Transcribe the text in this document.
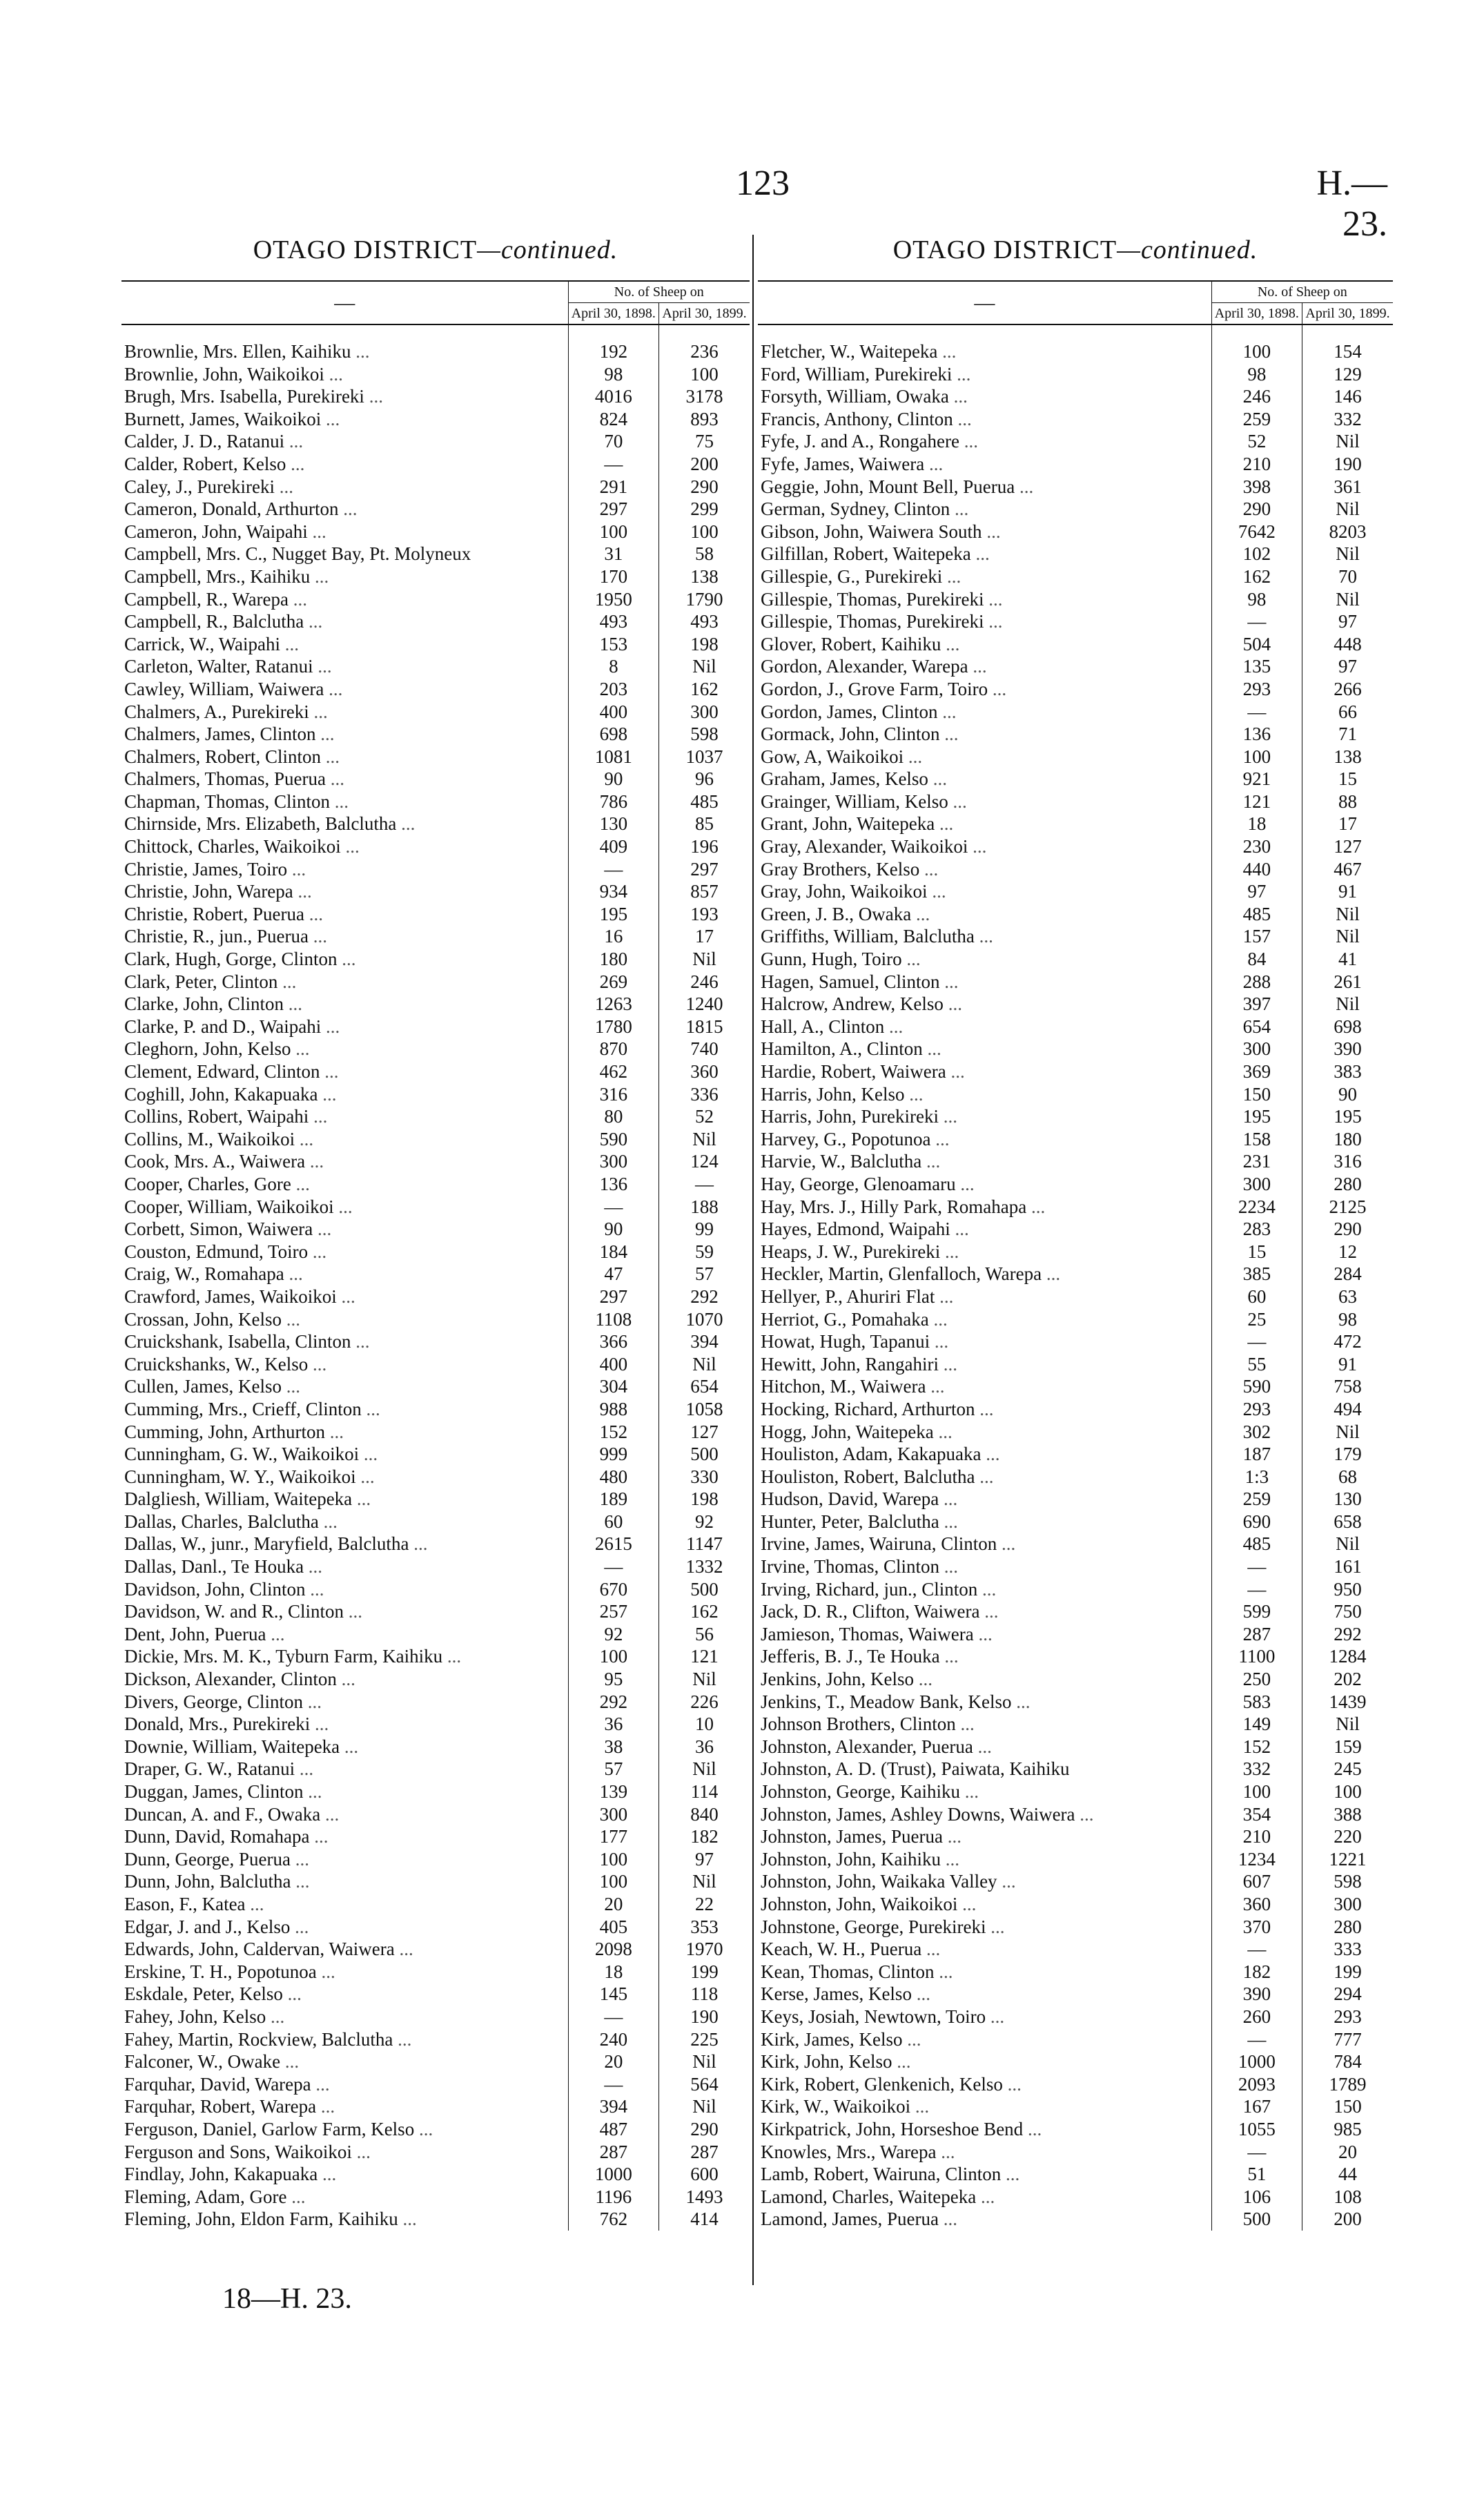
123	H.—23.
OTAGO DISTRICT—continued.
—	No. of Sheep on	
	April 30, 1898.	April 30, 1899.
Brownlie, Mrs. Ellen, Kaihiku ...	192	236
Brownlie, John, Waikoikoi ...	98	100
Brugh, Mrs. Isabella, Purekireki ...	4016	3178
Burnett, James, Waikoikoi ...	824	893
Calder, J. D., Ratanui ...	70	75
Calder, Robert, Kelso ...	—	200
Caley, J., Purekireki ...	291	290
Cameron, Donald, Arthurton ...	297	299
Cameron, John, Waipahi ...	100	100
Campbell, Mrs. C., Nugget Bay, Pt. Molyneux	31	58
Campbell, Mrs., Kaihiku ...	170	138
Campbell, R., Warepa ...	1950	1790
Campbell, R., Balclutha ...	493	493
Carrick, W., Waipahi ...	153	198
Carleton, Walter, Ratanui ...	8	Nil
Cawley, William, Waiwera ...	203	162
Chalmers, A., Purekireki ...	400	300
Chalmers, James, Clinton ...	698	598
Chalmers, Robert, Clinton ...	1081	1037
Chalmers, Thomas, Puerua ...	90	96
Chapman, Thomas, Clinton ...	786	485
Chirnside, Mrs. Elizabeth, Balclutha ...	130	85
Chittock, Charles, Waikoikoi ...	409	196
Christie, James, Toiro ...	—	297
Christie, John, Warepa ...	934	857
Christie, Robert, Puerua ...	195	193
Christie, R., jun., Puerua ...	16	17
Clark, Hugh, Gorge, Clinton ...	180	Nil
Clark, Peter, Clinton ...	269	246
Clarke, John, Clinton ...	1263	1240
Clarke, P. and D., Waipahi ...	1780	1815
Cleghorn, John, Kelso ...	870	740
Clement, Edward, Clinton ...	462	360
Coghill, John, Kakapuaka ...	316	336
Collins, Robert, Waipahi ...	80	52
Collins, M., Waikoikoi ...	590	Nil
Cook, Mrs. A., Waiwera ...	300	124
Cooper, Charles, Gore ...	136	—
Cooper, William, Waikoikoi ...	—	188
Corbett, Simon, Waiwera ...	90	99
Couston, Edmund, Toiro ...	184	59
Craig, W., Romahapa ...	47	57
Crawford, James, Waikoikoi ...	297	292
Crossan, John, Kelso ...	1108	1070
Cruickshank, Isabella, Clinton ...	366	394
Cruickshanks, W., Kelso ...	400	Nil
Cullen, James, Kelso ...	304	654
Cumming, Mrs., Crieff, Clinton ...	988	1058
Cumming, John, Arthurton ...	152	127
Cunningham, G. W., Waikoikoi ...	999	500
Cunningham, W. Y., Waikoikoi ...	480	330
Dalgliesh, William, Waitepeka ...	189	198
Dallas, Charles, Balclutha ...	60	92
Dallas, W., junr., Maryfield, Balclutha ...	2615	1147
Dallas, Danl., Te Houka ...	—	1332
Davidson, John, Clinton ...	670	500
Davidson, W. and R., Clinton ...	257	162
Dent, John, Puerua ...	92	56
Dickie, Mrs. M. K., Tyburn Farm, Kaihiku ...	100	121
Dickson, Alexander, Clinton ...	95	Nil
Divers, George, Clinton ...	292	226
Donald, Mrs., Purekireki ...	36	10
Downie, William, Waitepeka ...	38	36
Draper, G. W., Ratanui ...	57	Nil
Duggan, James, Clinton ...	139	114
Duncan, A. and F., Owaka ...	300	840
Dunn, David, Romahapa ...	177	182
Dunn, George, Puerua ...	100	97
Dunn, John, Balclutha ...	100	Nil
Eason, F., Katea ...	20	22
Edgar, J. and J., Kelso ...	405	353
Edwards, John, Caldervan, Waiwera ...	2098	1970
Erskine, T. H., Popotunoa ...	18	199
Eskdale, Peter, Kelso ...	145	118
Fahey, John, Kelso ...	—	190
Fahey, Martin, Rockview, Balclutha ...	240	225
Falconer, W., Owake ...	20	Nil
Farquhar, David, Warepa ...	—	564
Farquhar, Robert, Warepa ...	394	Nil
Ferguson, Daniel, Garlow Farm, Kelso ...	487	290
Ferguson and Sons, Waikoikoi ...	287	287
Findlay, John, Kakapuaka ...	1000	600
Fleming, Adam, Gore ...	1196	1493
Fleming, John, Eldon Farm, Kaihiku ...	762	414
OTAGO DISTRICT—continued.
—	No. of Sheep on	
	April 30, 1898.	April 30, 1899.
Fletcher, W., Waitepeka ...	100	154
Ford, William, Purekireki ...	98	129
Forsyth, William, Owaka ...	246	146
Francis, Anthony, Clinton ...	259	332
Fyfe, J. and A., Rongahere ...	52	Nil
Fyfe, James, Waiwera ...	210	190
Geggie, John, Mount Bell, Puerua ...	398	361
German, Sydney, Clinton ...	290	Nil
Gibson, John, Waiwera South ...	7642	8203
Gilfillan, Robert, Waitepeka ...	102	Nil
Gillespie, G., Purekireki ...	162	70
Gillespie, Thomas, Purekireki ...	98	Nil
Gillespie, Thomas, Purekireki ...	—	97
Glover, Robert, Kaihiku ...	504	448
Gordon, Alexander, Warepa ...	135	97
Gordon, J., Grove Farm, Toiro ...	293	266
Gordon, James, Clinton ...	—	66
Gormack, John, Clinton ...	136	71
Gow, A, Waikoikoi ...	100	138
Graham, James, Kelso ...	921	15
Grainger, William, Kelso ...	121	88
Grant, John, Waitepeka ...	18	17
Gray, Alexander, Waikoikoi ...	230	127
Gray Brothers, Kelso ...	440	467
Gray, John, Waikoikoi ...	97	91
Green, J. B., Owaka ...	485	Nil
Griffiths, William, Balclutha ...	157	Nil
Gunn, Hugh, Toiro ...	84	41
Hagen, Samuel, Clinton ...	288	261
Halcrow, Andrew, Kelso ...	397	Nil
Hall, A., Clinton ...	654	698
Hamilton, A., Clinton ...	300	390
Hardie, Robert, Waiwera ...	369	383
Harris, John, Kelso ...	150	90
Harris, John, Purekireki ...	195	195
Harvey, G., Popotunoa ...	158	180
Harvie, W., Balclutha ...	231	316
Hay, George, Glenoamaru ...	300	280
Hay, Mrs. J., Hilly Park, Romahapa ...	2234	2125
Hayes, Edmond, Waipahi ...	283	290
Heaps, J. W., Purekireki ...	15	12
Heckler, Martin, Glenfalloch, Warepa ...	385	284
Hellyer, P., Ahuriri Flat ...	60	63
Herriot, G., Pomahaka ...	25	98
Howat, Hugh, Tapanui ...	—	472
Hewitt, John, Rangahiri ...	55	91
Hitchon, M., Waiwera ...	590	758
Hocking, Richard, Arthurton ...	293	494
Hogg, John, Waitepeka ...	302	Nil
Houliston, Adam, Kakapuaka ...	187	179
Houliston, Robert, Balclutha ...	1:3	68
Hudson, David, Warepa ...	259	130
Hunter, Peter, Balclutha ...	690	658
Irvine, James, Wairuna, Clinton ...	485	Nil
Irvine, Thomas, Clinton ...	—	161
Irving, Richard, jun., Clinton ...	—	950
Jack, D. R., Clifton, Waiwera ...	599	750
Jamieson, Thomas, Waiwera ...	287	292
Jefferis, B. J., Te Houka ...	1100	1284
Jenkins, John, Kelso ...	250	202
Jenkins, T., Meadow Bank, Kelso ...	583	1439
Johnson Brothers, Clinton ...	149	Nil
Johnston, Alexander, Puerua ...	152	159
Johnston, A. D. (Trust), Paiwata, Kaihiku	332	245
Johnston, George, Kaihiku ...	100	100
Johnston, James, Ashley Downs, Waiwera ...	354	388
Johnston, James, Puerua ...	210	220
Johnston, John, Kaihiku ...	1234	1221
Johnston, John, Waikaka Valley ...	607	598
Johnston, John, Waikoikoi ...	360	300
Johnstone, George, Purekireki ...	370	280
Keach, W. H., Puerua ...	—	333
Kean, Thomas, Clinton ...	182	199
Kerse, James, Kelso ...	390	294
Keys, Josiah, Newtown, Toiro ...	260	293
Kirk, James, Kelso ...	—	777
Kirk, John, Kelso ...	1000	784
Kirk, Robert, Glenkenich, Kelso ...	2093	1789
Kirk, W., Waikoikoi ...	167	150
Kirkpatrick, John, Horseshoe Bend ...	1055	985
Knowles, Mrs., Warepa ...	—	20
Lamb, Robert, Wairuna, Clinton ...	51	44
Lamond, Charles, Waitepeka ...	106	108
Lamond, James, Puerua ...	500	200
18—H. 23.
